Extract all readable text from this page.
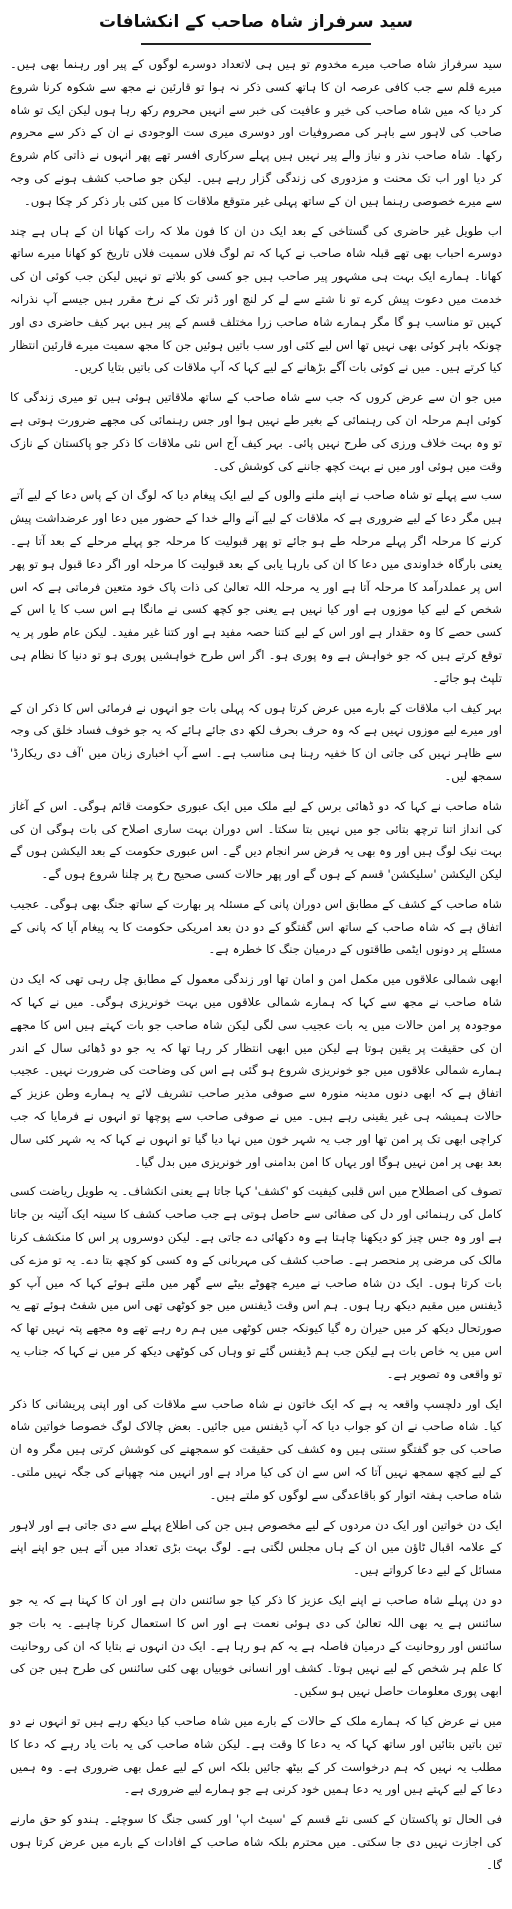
سید سرفراز شاہ صاحب کے انکشافات

سید سرفراز شاہ صاحب میرے مخدوم تو ہیں ہی لاتعداد دوسرے لوگوں کے پیر اور رہنما بھی ہیں۔ میرے قلم سے جب کافی عرصہ ان کا ہاتھ کسی ذکر نہ ہوا تو قارئین نے مجھ سے شکوہ کرنا شروع کر دیا کہ میں شاہ صاحب کی خیر و عافیت کی خبر سے انہیں محروم رکھ رہا ہوں لیکن ایک تو شاہ صاحب کی لاہور سے باہر کی مصروفیات اور دوسری میری ست الوجودی نے ان کے ذکر سے محروم رکھا۔ شاہ صاحب نذر و نیاز والے پیر نہیں ہیں پہلے سرکاری افسر تھے پھر انہوں نے ذاتی کام شروع کر دیا اور اب تک محنت و مزدوری کی زندگی گزار رہے ہیں۔ لیکن جو صاحب کشف ہونے کی وجہ سے میرے خصوصی رہنما ہیں ان کے ساتھ پہلی غیر متوقع ملاقات کا میں کئی بار ذکر کر چکا ہوں۔

اب طویل غیر حاضری کی گستاخی کے بعد ایک دن ان کا فون ملا کہ رات کھانا ان کے ہاں ہے چند دوسرے احباب بھی تھے قبلہ شاہ صاحب نے کہا کہ تم لوگ فلاں سمیت فلاں تاریخ کو کھانا میرے ساتھ کھانا۔ ہمارے ایک بہت ہی مشہور پیر صاحب ہیں جو کسی کو بلاتے تو نہیں لیکن جب کوئی ان کی خدمت میں دعوت پیش کرے تو نا شتے سے لے کر لنچ اور ڈنر تک کے نرخ مقرر ہیں جیسے آپ نذرانہ کہیں تو مناسب ہو گا مگر ہمارے شاہ صاحب زرا مختلف قسم کے پیر ہیں بہر کیف حاضری دی اور چونکہ باہر کوئی بھی نہیں تھا اس لیے کئی اور سب باتیں ہوئیں جن کا مجھ سمیت میرے قارئین انتظار کیا کرتے ہیں۔ میں نے کوئی بات آگے بڑھانے کے لیے کہا کہ آپ ملاقات کی باتیں بتایا کریں۔

میں جو ان سے عرض کروں کہ جب سے شاہ صاحب کے ساتھ ملاقاتیں ہوئی ہیں تو میری زندگی کا کوئی اہم مرحلہ ان کی رہنمائی کے بغیر طے نہیں ہوا اور جس رہنمائی کی مجھے ضرورت ہوتی ہے تو وہ بہت خلاف ورزی کی طرح نہیں پائی۔ بہر کیف آج اس نئی ملاقات کا ذکر جو پاکستان کے نازک وقت میں ہوئی اور میں نے بہت کچھ جاننے کی کوشش کی۔

سب سے پہلے تو شاہ صاحب نے اپنے ملنے والوں کے لیے ایک پیغام دیا کہ لوگ ان کے پاس دعا کے لیے آتے ہیں مگر دعا کے لیے ضروری ہے کہ ملاقات کے لیے آنے والے خدا کے حضور میں دعا اور عرضداشت پیش کرنے کا مرحلہ اگر پہلے مرحلہ طے ہو جائے تو پھر قبولیت کا مرحلہ جو پہلے مرحلے کے بعد آتا ہے۔ یعنی بارگاہ خداوندی میں دعا کا ان کی بارہا یابی کے بعد قبولیت کا مرحلہ اور اگر دعا قبول ہو تو پھر اس پر عملدرآمد کا مرحلہ آتا ہے اور یہ مرحلہ اللہ تعالیٰ کی ذات پاک خود متعین فرماتی ہے کہ اس شخص کے لیے کیا موزوں ہے اور کیا نہیں ہے یعنی جو کچھ کسی نے مانگا ہے اس سب کا یا اس کے کسی حصے کا وہ حقدار ہے اور اس کے لیے کتنا حصہ مفید ہے اور کتنا غیر مفید۔ لیکن عام طور پر یہ توقع کرتے ہیں کہ جو خواہش ہے وہ پوری ہو۔ اگر اس طرح خواہشیں پوری ہو تو دنیا کا نظام ہی تلپٹ ہو جائے۔

بہر کیف اب ملاقات کے بارے میں عرض کرتا ہوں کہ پہلی بات جو انہوں نے فرمائی اس کا ذکر ان کے اور میرے لیے موزوں نہیں ہے کہ وہ حرف بحرف لکھ دی جائے ہائے کہ یہ جو خوف فساد خلق کی وجہ سے ظاہر نہیں کی جاتی ان کا خفیہ رہنا ہی مناسب ہے۔ اسے آپ اخباری زبان میں 'آف دی ریکارڈ' سمجھ لیں۔

شاہ صاحب نے کہا کہ دو ڈھائی برس کے لیے ملک میں ایک عبوری حکومت قائم ہوگی۔ اس کے آغاز کی انداز اتنا ترچھ بتائی جو میں نہیں بتا سکتا۔ اس دوران بہت ساری اصلاح کی بات ہوگی ان کی بہت نیک لوگ ہیں اور وہ بھی یہ فرض سر انجام دیں گے۔ اس عبوری حکومت کے بعد الیکشن ہوں گے لیکن الیکشن 'سلیکشن' قسم کے ہوں گے اور پھر حالات کسی صحیح رخ پر چلنا شروع ہوں گے۔

شاہ صاحب کے کشف کے مطابق اس دوران پانی کے مسئلہ پر بھارت کے ساتھ جنگ بھی ہوگی۔ عجیب اتفاق ہے کہ شاہ صاحب کے ساتھ اس گفتگو کے دو دن بعد امریکی حکومت کا یہ پیغام آیا کہ پانی کے مسئلے پر دونوں ایٹمی طاقتوں کے درمیان جنگ کا خطرہ ہے۔

ابھی شمالی علاقوں میں مکمل امن و امان تھا اور زندگی معمول کے مطابق چل رہی تھی کہ ایک دن شاہ صاحب نے مجھ سے کہا کہ ہمارے شمالی علاقوں میں بہت خونریزی ہوگی۔ میں نے کہا کہ موجودہ پر امن حالات میں یہ بات عجیب سی لگی لیکن شاہ صاحب جو بات کہتے ہیں اس کا مجھے ان کی حقیقت پر یقین ہوتا ہے لیکن میں ابھی انتظار کر رہا تھا کہ یہ جو دو ڈھائی سال کے اندر ہمارے شمالی علاقوں میں جو خونریزی شروع ہو گئی ہے اس کی وضاحت کی ضرورت نہیں۔ عجیب اتفاق ہے کہ ابھی دنوں مدینہ منورہ سے صوفی مذیر صاحب تشریف لائے یہ ہمارے وطن عزیز کے حالات ہمیشہ ہی غیر یقینی رہے ہیں۔ میں نے صوفی صاحب سے پوچھا تو انہوں نے فرمایا کہ جب کراچی ابھی تک پر امن تھا اور جب یہ شہر خون میں نہا دیا گیا تو انہوں نے کہا کہ یہ شہر کئی سال بعد بھی پر امن نہیں ہوگا اور یہاں کا امن بدامنی اور خونریزی میں بدل گیا۔

تصوف کی اصطلاح میں اس قلبی کیفیت کو 'کشف' کہا جاتا ہے یعنی انکشاف۔ یہ طویل ریاضت کسی کامل کی رہنمائی اور دل کی صفائی سے حاصل ہوتی ہے جب صاحب کشف کا سینہ ایک آئینہ بن جاتا ہے اور وہ جس چیز کو دیکھنا چاہتا ہے وہ دکھائی دے جاتی ہے۔ لیکن دوسروں پر اس کا منکشف کرنا مالک کی مرضی پر منحصر ہے۔ صاحب کشف کی مہربانی کے وہ کسی کو کچھ بتا دے۔ یہ تو مزے کی بات کرتا ہوں۔ ایک دن شاہ صاحب نے میرے چھوٹے بیٹے سے گھر میں ملتے ہوئے کہا کہ میں آپ کو ڈیفنس میں مقیم دیکھ رہا ہوں۔ ہم اس وقت ڈیفنس میں جو کوٹھی تھی اس میں شفٹ ہوئے تھے یہ صورتحال دیکھ کر میں حیران رہ گیا کیونکہ جس کوٹھی میں ہم رہ رہے تھے وہ مجھے پتہ نہیں تھا کہ اس میں یہ خاص بات ہے لیکن جب ہم ڈیفنس گئے تو وہاں کی کوٹھی دیکھ کر میں نے کہا کہ جناب یہ تو واقعی وہ تصویر ہے۔

ایک اور دلچسپ واقعہ یہ ہے کہ ایک خاتون نے شاہ صاحب سے ملاقات کی اور اپنی پریشانی کا ذکر کیا۔ شاہ صاحب نے ان کو جواب دیا کہ آپ ڈیفنس میں جائیں۔ بعض چالاک لوگ خصوصا خواتین شاہ صاحب کی جو گفتگو سنتی ہیں وہ کشف کی حقیقت کو سمجھنے کی کوشش کرتی ہیں مگر وہ ان کے لیے کچھ سمجھ نہیں آتا کہ اس سے ان کی کیا مراد ہے اور انہیں منہ چھپانے کی جگہ نہیں ملتی۔ شاہ صاحب ہفتہ اتوار کو باقاعدگی سے لوگوں کو ملتے ہیں۔

ایک دن خواتین اور ایک دن مردوں کے لیے مخصوص ہیں جن کی اطلاع پہلے سے دی جاتی ہے اور لاہور کے علامہ اقبال ٹاؤن میں ان کے ہاں مجلس لگتی ہے۔ لوگ بہت بڑی تعداد میں آتے ہیں جو اپنے اپنے مسائل کے لیے دعا کرواتے ہیں۔

دو دن پہلے شاہ صاحب نے اپنے ایک عزیز کا ذکر کیا جو سائنس دان ہے اور ان کا کہنا ہے کہ یہ جو سائنس ہے یہ بھی اللہ تعالیٰ کی دی ہوئی نعمت ہے اور اس کا استعمال کرنا چاہیے۔ یہ بات جو سائنس اور روحانیت کے درمیان فاصلہ ہے یہ کم ہو رہا ہے۔ ایک دن انہوں نے بتایا کہ ان کی روحانیت کا علم ہر شخص کے لیے نہیں ہوتا۔ کشف اور انسانی خوبیاں بھی کئی سائنس کی طرح ہیں جن کی ابھی پوری معلومات حاصل نہیں ہو سکیں۔

میں نے عرض کیا کہ ہمارے ملک کے حالات کے بارے میں شاہ صاحب کیا دیکھ رہے ہیں تو انہوں نے دو تین باتیں بتائیں اور ساتھ کہا کہ یہ دعا کا وقت ہے۔ لیکن شاہ صاحب کی یہ بات یاد رہے کہ دعا کا مطلب یہ نہیں کہ ہم درخواست کر کے بیٹھ جائیں بلکہ اس کے لیے عمل بھی ضروری ہے۔ وہ ہمیں دعا کے لیے کہتے ہیں اور یہ دعا ہمیں خود کرنی ہے جو ہمارے لیے ضروری ہے۔

فی الحال تو پاکستان کے کسی نئے قسم کے 'سیٹ اپ' اور کسی جنگ کا سوچئے۔ ہندو کو حق مارنے کی اجازت نہیں دی جا سکتی۔ میں محترم بلکہ شاہ صاحب کے افادات کے بارے میں عرض کرتا ہوں گا۔
